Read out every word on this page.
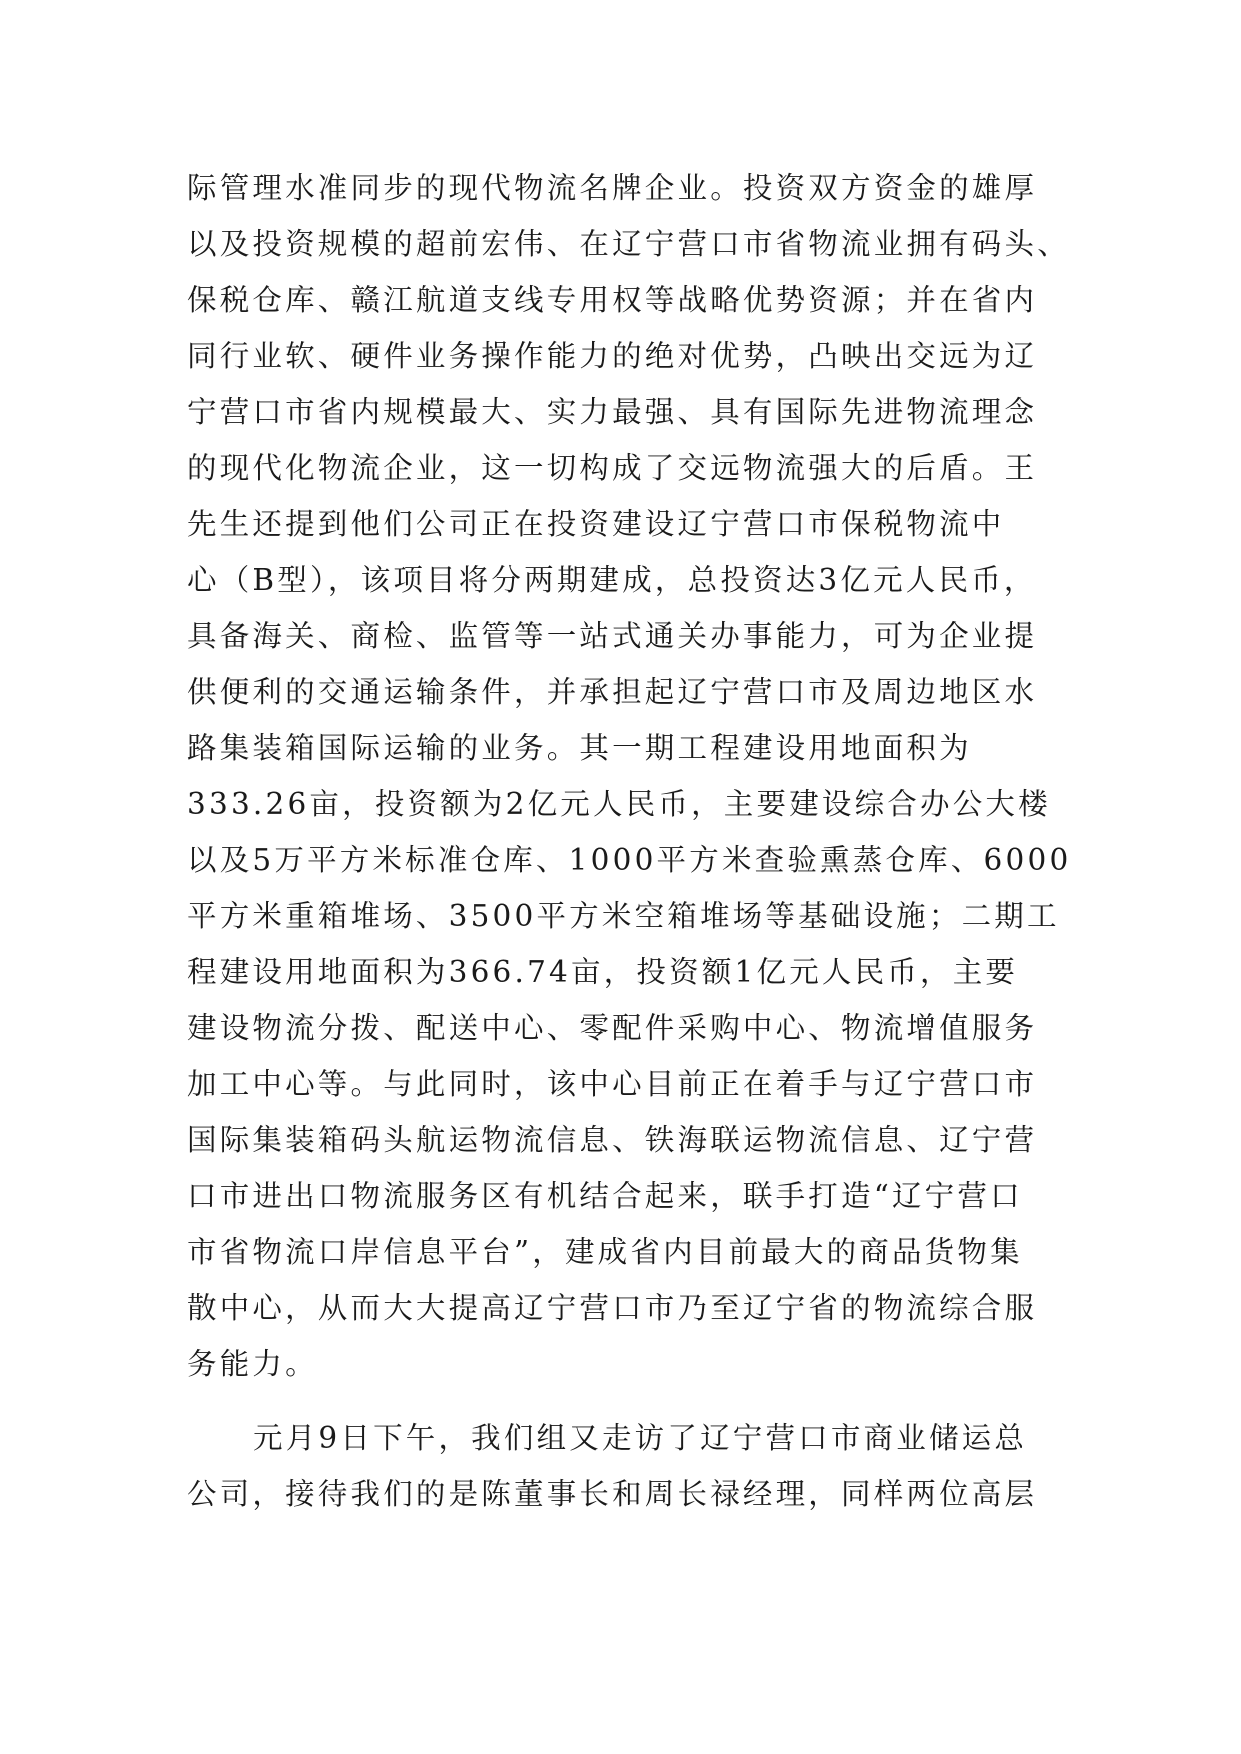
际管理水准同步的现代物流名牌企业。投资双方资金的雄厚
以及投资规模的超前宏伟、在辽宁营口市省物流业拥有码头、
保税仓库、赣江航道支线专用权等战略优势资源；并在省内
同行业软、硬件业务操作能力的绝对优势，凸映出交远为辽
宁营口市省内规模最大、实力最强、具有国际先进物流理念
的现代化物流企业，这一切构成了交远物流强大的后盾。王
先生还提到他们公司正在投资建设辽宁营口市保税物流中
心（B型），该项目将分两期建成，总投资达3亿元人民币，
具备海关、商检、监管等一站式通关办事能力，可为企业提
供便利的交通运输条件，并承担起辽宁营口市及周边地区水
路集装箱国际运输的业务。其一期工程建设用地面积为
333.26亩，投资额为2亿元人民币，主要建设综合办公大楼
以及5万平方米标准仓库、1000平方米查验熏蒸仓库、6000
平方米重箱堆场、3500平方米空箱堆场等基础设施；二期工
程建设用地面积为366.74亩，投资额1亿元人民币，主要
建设物流分拨、配送中心、零配件采购中心、物流增值服务
加工中心等。与此同时，该中心目前正在着手与辽宁营口市
国际集装箱码头航运物流信息、铁海联运物流信息、辽宁营
口市进出口物流服务区有机结合起来，联手打造“辽宁营口
市省物流口岸信息平台”，建成省内目前最大的商品货物集
散中心，从而大大提高辽宁营口市乃至辽宁省的物流综合服
务能力。
元月9日下午，我们组又走访了辽宁营口市商业储运总
公司，接待我们的是陈董事长和周长禄经理，同样两位高层
